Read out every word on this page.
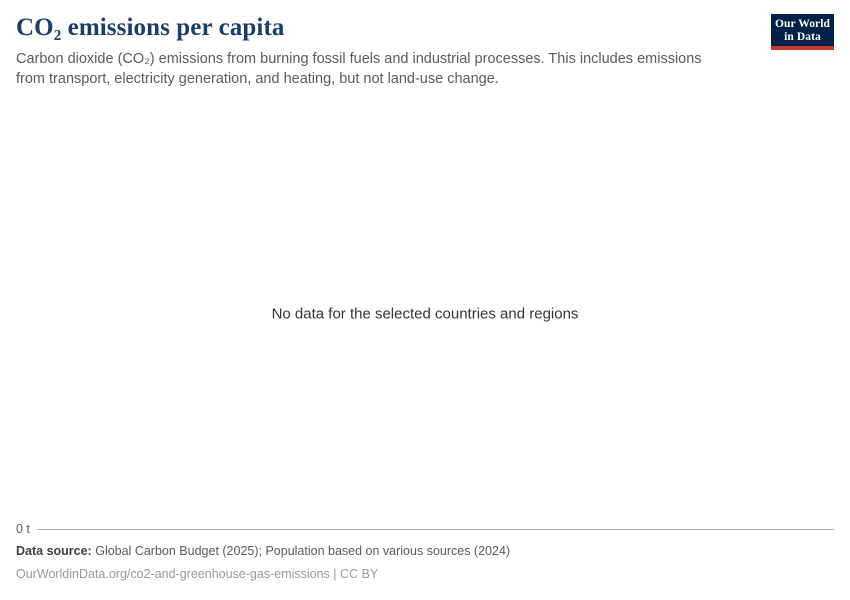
CO₂ emissions per capita

Carbon dioxide (CO₂) emissions from burning fossil fuels and industrial processes. This includes emissions from transport, electricity generation, and heating, but not land-use change.

Our World
in Data
No data for the selected countries and regions
0 t
Data source: Global Carbon Budget (2025); Population based on various sources (2024)
OurWorldinData.org/co2-and-greenhouse-gas-emissions | CC BY
